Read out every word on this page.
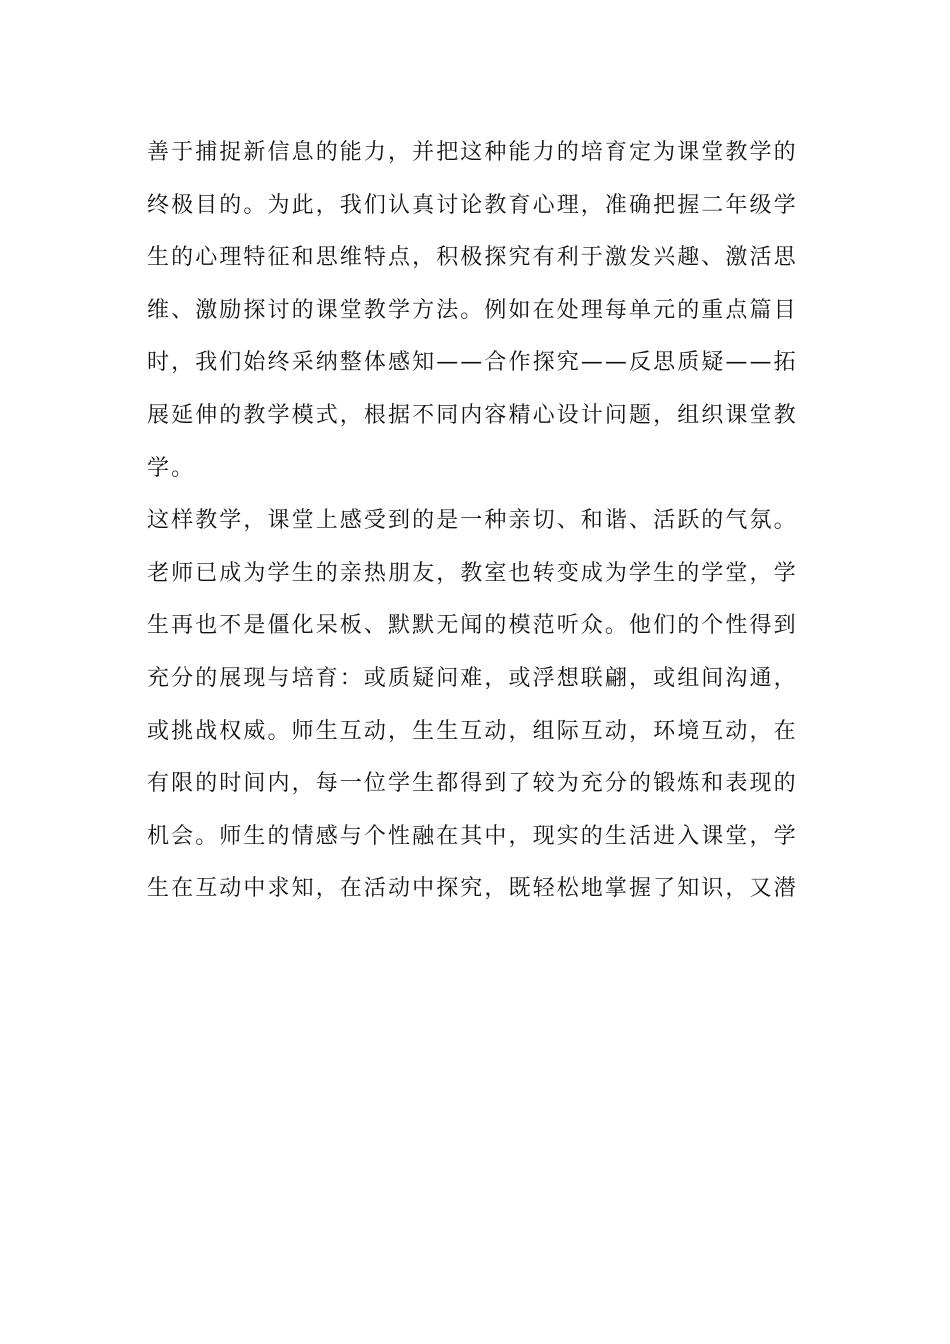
善于捕捉新信息的能力，并把这种能力的培育定为课堂教学的
终极目的。为此，我们认真讨论教育心理，准确把握二年级学
生的心理特征和思维特点，积极探究有利于激发兴趣、激活思
维、激励探讨的课堂教学方法。例如在处理每单元的重点篇目
时，我们始终采纳整体感知——合作探究——反思质疑——拓
展延伸的教学模式，根据不同内容精心设计问题，组织课堂教
学。
这样教学，课堂上感受到的是一种亲切、和谐、活跃的气氛。
老师已成为学生的亲热朋友，教室也转变成为学生的学堂，学
生再也不是僵化呆板、默默无闻的模范听众。他们的个性得到
充分的展现与培育：或质疑问难，或浮想联翩，或组间沟通，
或挑战权威。师生互动，生生互动，组际互动，环境互动，在
有限的时间内，每一位学生都得到了较为充分的锻炼和表现的
机会。师生的情感与个性融在其中，现实的生活进入课堂，学
生在互动中求知，在活动中探究，既轻松地掌握了知识，又潜
